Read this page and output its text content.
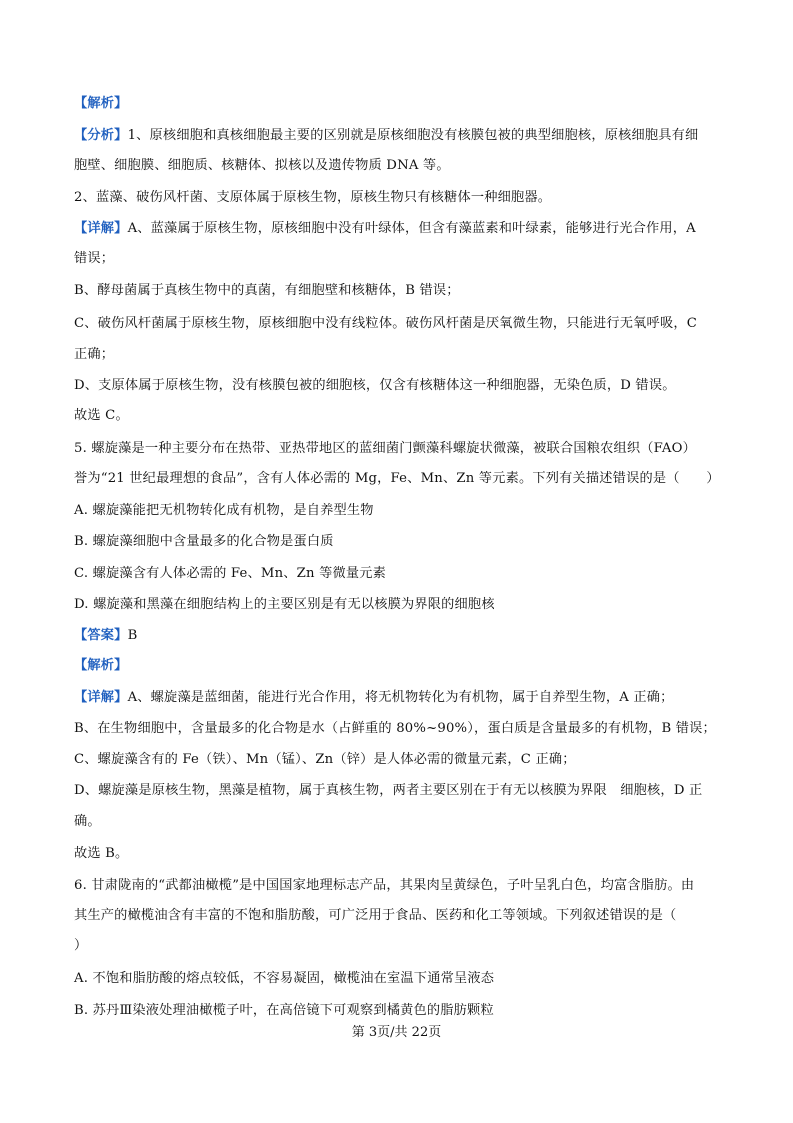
【解析】
【分析】1、原核细胞和真核细胞最主要的区别就是原核细胞没有核膜包被的典型细胞核，原核细胞具有细
胞壁、细胞膜、细胞质、核糖体、拟核以及遗传物质 DNA 等。
2、蓝藻、破伤风杆菌、支原体属于原核生物，原核生物只有核糖体一种细胞器。
【详解】A、蓝藻属于原核生物，原核细胞中没有叶绿体，但含有藻蓝素和叶绿素，能够进行光合作用，A
错误；
B、酵母菌属于真核生物中的真菌，有细胞壁和核糖体，B 错误；
C、破伤风杆菌属于原核生物，原核细胞中没有线粒体。破伤风杆菌是厌氧微生物，只能进行无氧呼吸，C
正确；
D、支原体属于原核生物，没有核膜包被的细胞核，仅含有核糖体这一种细胞器，无染色质，D 错误。
故选 C。
5. 螺旋藻是一种主要分布在热带、亚热带地区的蓝细菌门颤藻科螺旋状微藻，被联合国粮农组织（FAO）
誉为“21 世纪最理想的食品”，含有人体必需的 Mg，Fe、Mn、Zn 等元素。下列有关描述错误的是（　　）
A. 螺旋藻能把无机物转化成有机物，是自养型生物
B. 螺旋藻细胞中含量最多的化合物是蛋白质
C. 螺旋藻含有人体必需的 Fe、Mn、Zn 等微量元素
D. 螺旋藻和黑藻在细胞结构上的主要区别是有无以核膜为界限的细胞核
【答案】B
【解析】
【详解】A、螺旋藻是蓝细菌，能进行光合作用，将无机物转化为有机物，属于自养型生物，A 正确；
B、在生物细胞中，含量最多的化合物是水（占鲜重的 80%~90%），蛋白质是含量最多的有机物，B 错误；
C、螺旋藻含有的 Fe（铁）、Mn（锰）、Zn（锌）是人体必需的微量元素，C 正确；
D、螺旋藻是原核生物，黑藻是植物，属于真核生物，两者主要区别在于有无以核膜为界限　细胞核，D 正
确。
故选 B。
6. 甘肃陇南的“武都油橄榄”是中国国家地理标志产品，其果肉呈黄绿色，子叶呈乳白色，均富含脂肪。由
其生产的橄榄油含有丰富的不饱和脂肪酸，可广泛用于食品、医药和化工等领域。下列叙述错误的是（
）
A. 不饱和脂肪酸的熔点较低，不容易凝固，橄榄油在室温下通常呈液态
B. 苏丹Ⅲ染液处理油橄榄子叶，在高倍镜下可观察到橘黄色的脂肪颗粒
第 3页/共 22页
